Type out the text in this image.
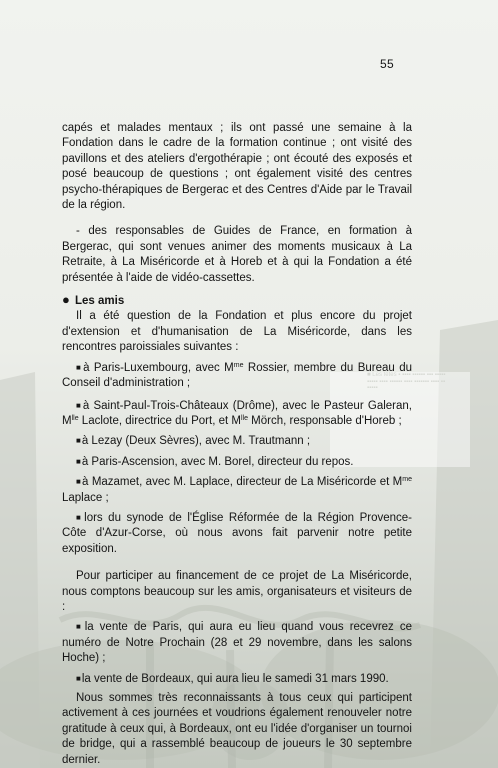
■ Les fêtes ▪ ▪▪▪▪ ▪▪▪▪▪▪ ▪▪▪ ▪▪▪▪▪ ▪▪▪▪▪ ▪▪▪▪ ▪▪▪▪▪▪ ▪▪▪▪ ▪▪▪▪▪▪▪ ▪▪▪▪ ▪▪ ▪▪▪▪▪
55

capés et malades mentaux ; ils ont passé une semaine à la Fondation dans le cadre de la formation continue ; ont visité des pavillons et des ateliers d'ergothérapie ; ont écouté des exposés et posé beaucoup de questions ; ont également visité des centres psycho-thérapiques de Bergerac et des Centres d'Aide par le Travail de la région.

- des responsables de Guides de France, en formation à Bergerac, qui sont venues animer des moments musicaux à La Retraite, à La Miséricorde et à Horeb et à qui la Fondation a été présentée à l'aide de vidéo-cassettes.

● Les amis

Il a été question de la Fondation et plus encore du projet d'extension et d'humanisation de La Miséricorde, dans les rencontres paroissiales suivantes :

■à Paris-Luxembourg, avec $M^{me}$ Rossier, membre du Bureau du Conseil d'administration ;

■à Saint-Paul-Trois-Châteaux (Drôme), avec le Pasteur Galeran, $M^{lle}$ Laclote, directrice du Port, et $M^{lle}$ Mörch, responsable d'Horeb ;

■à Lezay (Deux Sèvres), avec M. Trautmann ;

■à Paris-Ascension, avec M. Borel, directeur du repos.

■à Mazamet, avec M. Laplace, directeur de La Miséricorde et $M^{me}$ Laplace ;

■lors du synode de l'Église Réformée de la Région Provence-Côte d'Azur-Corse, où nous avons fait parvenir notre petite exposition.

Pour participer au financement de ce projet de La Miséricorde, nous comptons beaucoup sur les amis, organisateurs et visiteurs de :

■la vente de Paris, qui aura eu lieu quand vous recevrez ce numéro de Notre Prochain (28 et 29 novembre, dans les salons Hoche) ;

■la vente de Bordeaux, qui aura lieu le samedi 31 mars 1990.

Nous sommes très reconnaissants à tous ceux qui participent activement à ces journées et voudrions également renouveler notre gratitude à ceux qui, à Bordeaux, ont eu l'idée d'organiser un tournoi de bridge, qui a rassemblé beaucoup de joueurs le 30 septembre dernier.
